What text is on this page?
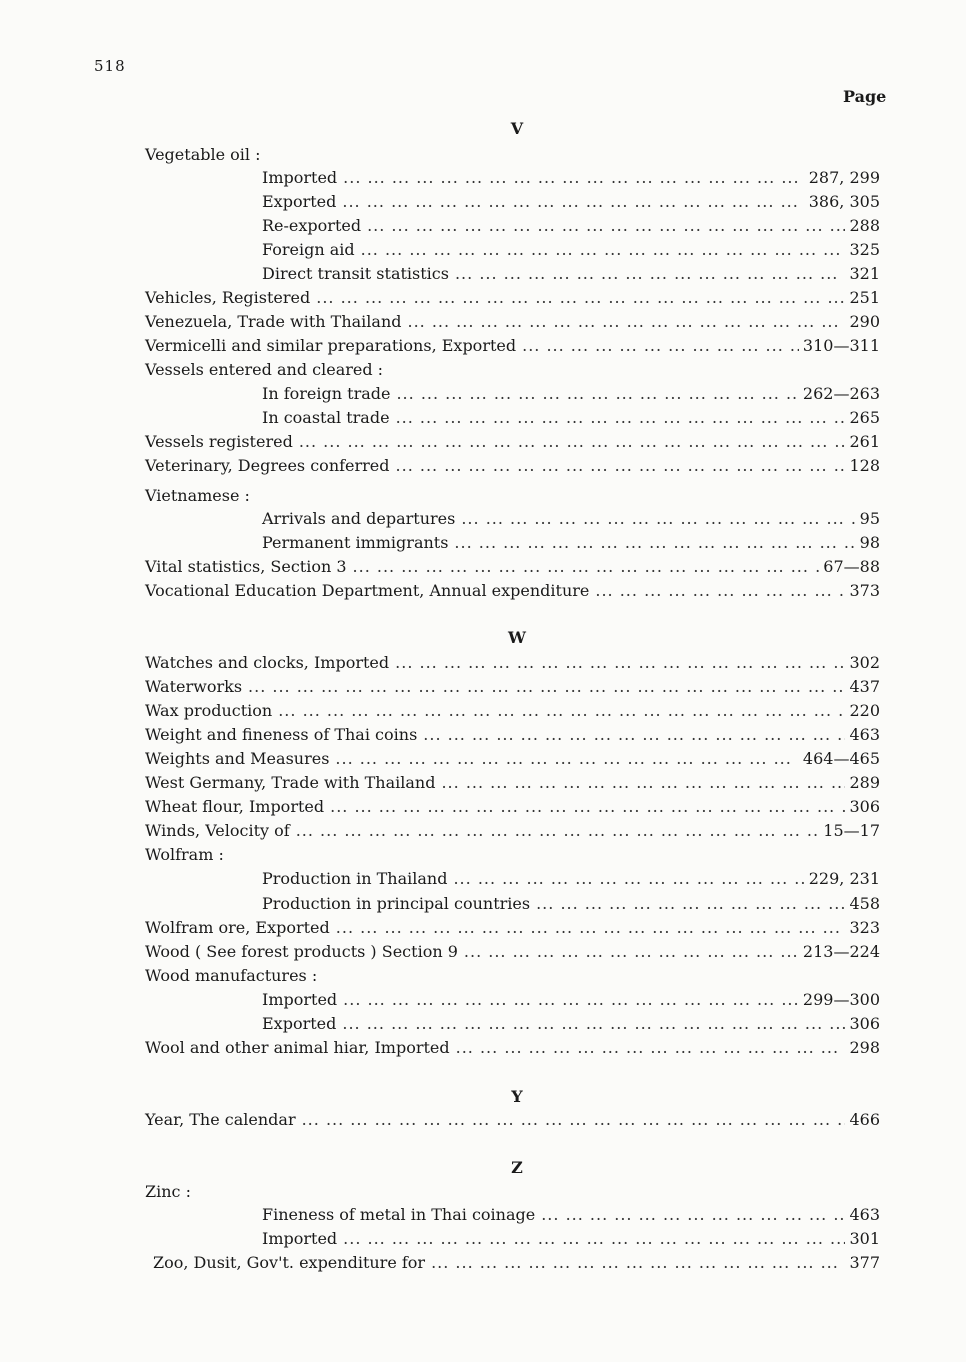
518
Page
V
Vegetable oil :
Imported ... .	287, 299
Exported ... .	386, 305
Re-exported ... .	288
Foreign aid ... .	325
Direct transit statistics ... .	321
Vehicles, Registered ... .	251
Venezuela, Trade with Thailand ... .	290
Vermicelli and similar preparations, Exported ... .	310—311
Vessels entered and cleared :
In foreign trade ... .	262—263
In coastal trade ... .	265
Vessels registered ... .	261
Veterinary, Degrees conferred ... .	128
Vietnamese :
Arrivals and departures ... .	95
Permanent immigrants ... .	98
Vital statistics, Section 3 ... .	67—88
Vocational Education Department, Annual expenditure ... .	373
W
Watches and clocks, Imported ... .	302
Waterworks ... .	437
Wax production ... .	220
Weight and fineness of Thai coins ... .	463
Weights and Measures ... .	464—465
West Germany, Trade with Thailand ... .	289
Wheat flour, Imported ... .	306
Winds, Velocity of ... .	15—17
Wolfram :
Production in Thailand ... .	229, 231
Production in principal countries ... .	458
Wolfram ore, Exported ... .	323
Wood ( See forest products ) Section 9 ... .	213—224
Wood manufactures :
Imported ... .	299—300
Exported ... .	306
Wool and other animal hiar, Imported ... .	298
Y
Year, The calendar ... .	466
Z
Zinc :
Fineness of metal in Thai coinage ... .	463
Imported ... .	301
Zoo, Dusit, Gov't. expenditure for ... .	377
